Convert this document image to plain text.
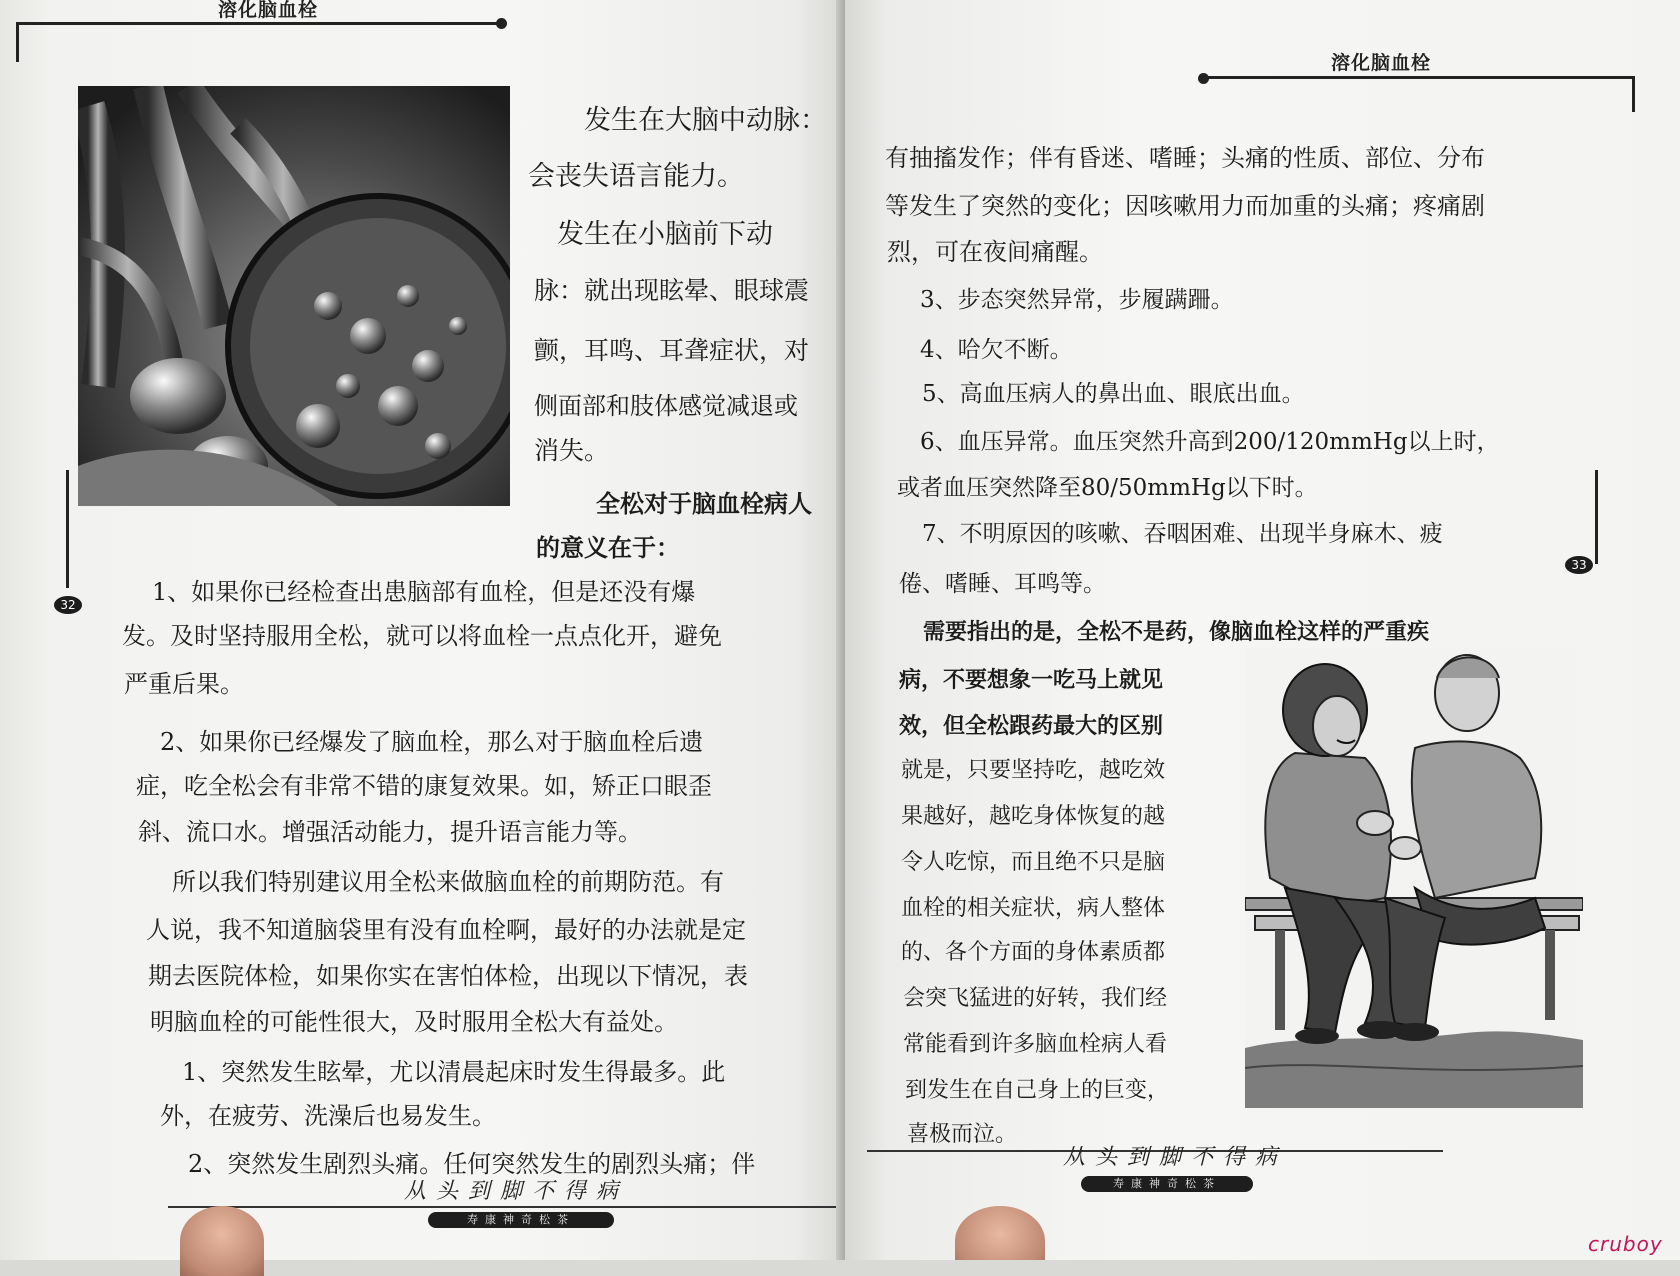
溶化脑血栓
32
发生在大脑中动脉：
会丧失语言能力。
　发生在小脑前下动
脉：就出现眩晕、眼球震
颤，耳鸣、耳聋症状，对
侧面部和肢体感觉减退或
消失。
全松对于脑血栓病人
的意义在于：
　1、如果你已经检查出患脑部有血栓，但是还没有爆
发。及时坚持服用全松，就可以将血栓一点点化开，避免
严重后果。
　2、如果你已经爆发了脑血栓，那么对于脑血栓后遗
症，吃全松会有非常不错的康复效果。如，矫正口眼歪
斜、流口水。增强活动能力，提升语言能力等。
　所以我们特别建议用全松来做脑血栓的前期防范。有
人说，我不知道脑袋里有没有血栓啊，最好的办法就是定
期去医院体检，如果你实在害怕体检，出现以下情况，表
明脑血栓的可能性很大，及时服用全松大有益处。
　1、突然发生眩晕，尤以清晨起床时发生得最多。此
外，在疲劳、洗澡后也易发生。
　2、突然发生剧烈头痛。任何突然发生的剧烈头痛；伴
从头到脚不得病
寿康神奇松茶
溶化脑血栓
33
有抽搐发作；伴有昏迷、嗜睡；头痛的性质、部位、分布
等发生了突然的变化；因咳嗽用力而加重的头痛；疼痛剧
烈，可在夜间痛醒。
　3、步态突然异常，步履蹒跚。
　4、哈欠不断。
　5、高血压病人的鼻出血、眼底出血。
　6、血压异常。血压突然升高到200/120mmHg以上时，
或者血压突然降至80/50mmHg以下时。
　7、不明原因的咳嗽、吞咽困难、出现半身麻木、疲
倦、嗜睡、耳鸣等。
　需要指出的是，全松不是药，像脑血栓这样的严重疾
病，不要想象一吃马上就见
效，但全松跟药最大的区别
就是，只要坚持吃，越吃效
果越好，越吃身体恢复的越
令人吃惊，而且绝不只是脑
血栓的相关症状，病人整体
的、各个方面的身体素质都
会突飞猛进的好转，我们经
常能看到许多脑血栓病人看
到发生在自己身上的巨变，
喜极而泣。
从头到脚不得病
寿康神奇松茶
cruboy
